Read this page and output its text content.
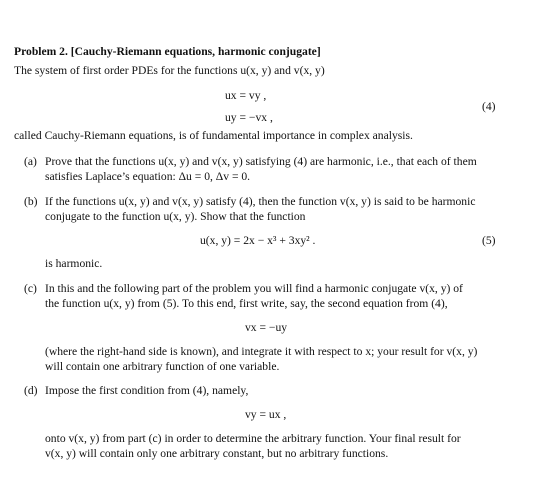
Problem 2. [Cauchy-Riemann equations, harmonic conjugate]
The system of first order PDEs for the functions u(x, y) and v(x, y)
ux = vy ,
uy = −vx ,
(4)
called Cauchy-Riemann equations, is of fundamental importance in complex analysis.
(a) Prove that the functions u(x, y) and v(x, y) satisfying (4) are harmonic, i.e., that each of them
satisfies Laplace’s equation: Δu = 0, Δv = 0.
(b) If the functions u(x, y) and v(x, y) satisfy (4), then the function v(x, y) is said to be harmonic
conjugate to the function u(x, y). Show that the function
u(x, y) = 2x − x³ + 3xy² .	(5)
is harmonic.
(c) In this and the following part of the problem you will find a harmonic conjugate v(x, y) of
the function u(x, y) from (5). To this end, first write, say, the second equation from (4),
vx = −uy
(where the right-hand side is known), and integrate it with respect to x; your result for v(x, y)
will contain one arbitrary function of one variable.
(d) Impose the first condition from (4), namely,
vy = ux ,
onto v(x, y) from part (c) in order to determine the arbitrary function. Your final result for
v(x, y) will contain only one arbitrary constant, but no arbitrary functions.
